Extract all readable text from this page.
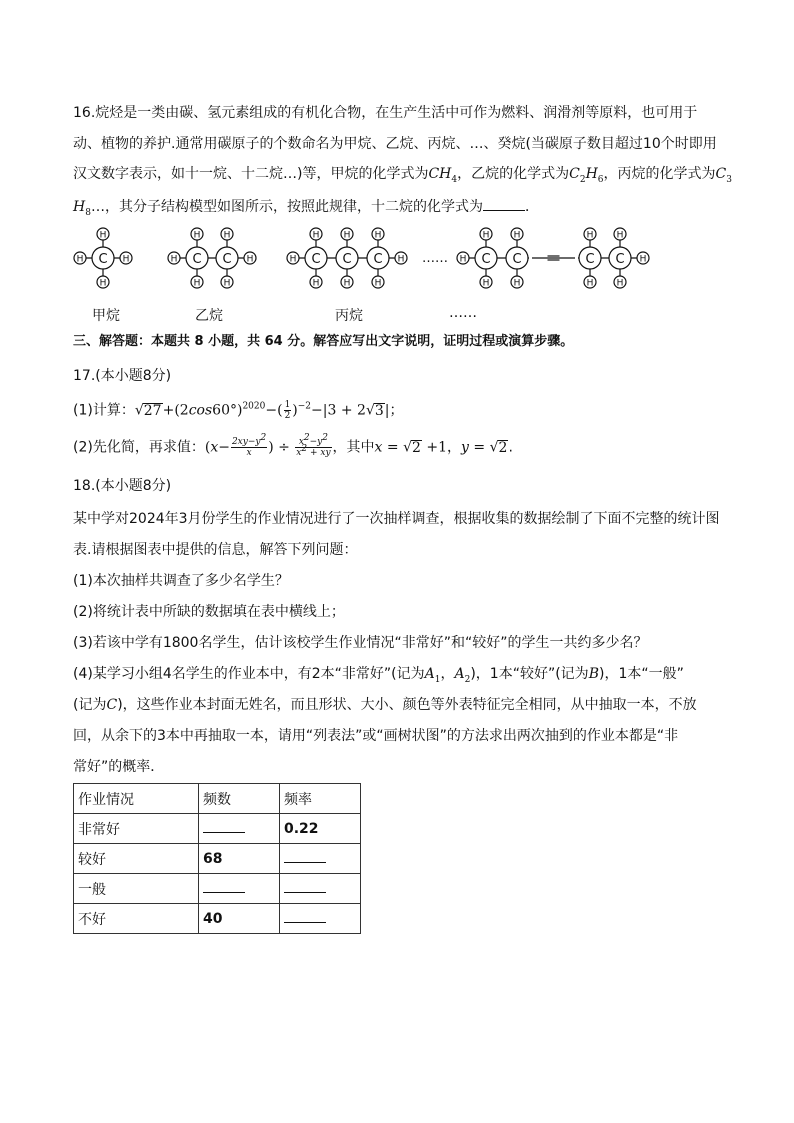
16.烷烃是一类由碳、氢元素组成的有机化合物，在生产生活中可作为燃料、润滑剂等原料，也可用于
动、植物的养护.通常用碳原子的个数命名为甲烷、乙烷、丙烷、…、癸烷(当碳原子数目超过10个时即用
汉文数字表示，如十一烷、十二烷…)等，甲烷的化学式为$CH_4$，乙烷的化学式为$C_2H_6$，丙烷的化学式为$C_3$
$H_8\dots$，其分子结构模型如图所示，按照此规律，十二烷的化学式为	．
H	H
H
H
C	H	H
H
H
C
H
H
C	H	H
H
H
C
H
H
C
H
H
C	…… H	H
H
H
C
H
H
C
H
H
C
H
H
C
甲烷	乙烷	丙烷	……
三、解答题：本题共 8 小题，共 64 分。解答应写出文字说明，证明过程或演算步骤。
17.(本小题8分)
(1)计算：$√27+(2\cos 60^\circ)^{2020}-( \frac{1}{2} )^{-2}-|3 + 2√3|$；
(2)先化简，再求值：($x- \frac{2xy-y^2}{x}$ ) ÷ $\frac{x^2-y^2}{x^2 + xy}$ ，其中x = √2 +1，y = √2.
18.(本小题8分)
某中学对2024年3月份学生的作业情况进行了一次抽样调查，根据收集的数据绘制了下面不完整的统计图
表.请根据图表中提供的信息，解答下列问题：
(1)本次抽样共调查了多少名学生？
(2)将统计表中所缺的数据填在表中横线上；
(3)若该中学有1800名学生，估计该校学生作业情况“非常好”和“较好”的学生一共约多少名？
(4)某学习小组4名学生的作业本中，有2本“非常好”(记为$A_1$，$A_2$)，1本“较好”(记为B)，1本“一般”
(记为C)，这些作业本封面无姓名，而且形状、大小、颜色等外表特征完全相同，从中抽取一本，不放
回，从余下的3本中再抽取一本，请用“列表法”或“画树状图”的方法求出两次抽到的作业本都是“非
常好”的概率．
作业情况	频数	频率
非常好		0.22
较好	68	
一般		
不好	40	
